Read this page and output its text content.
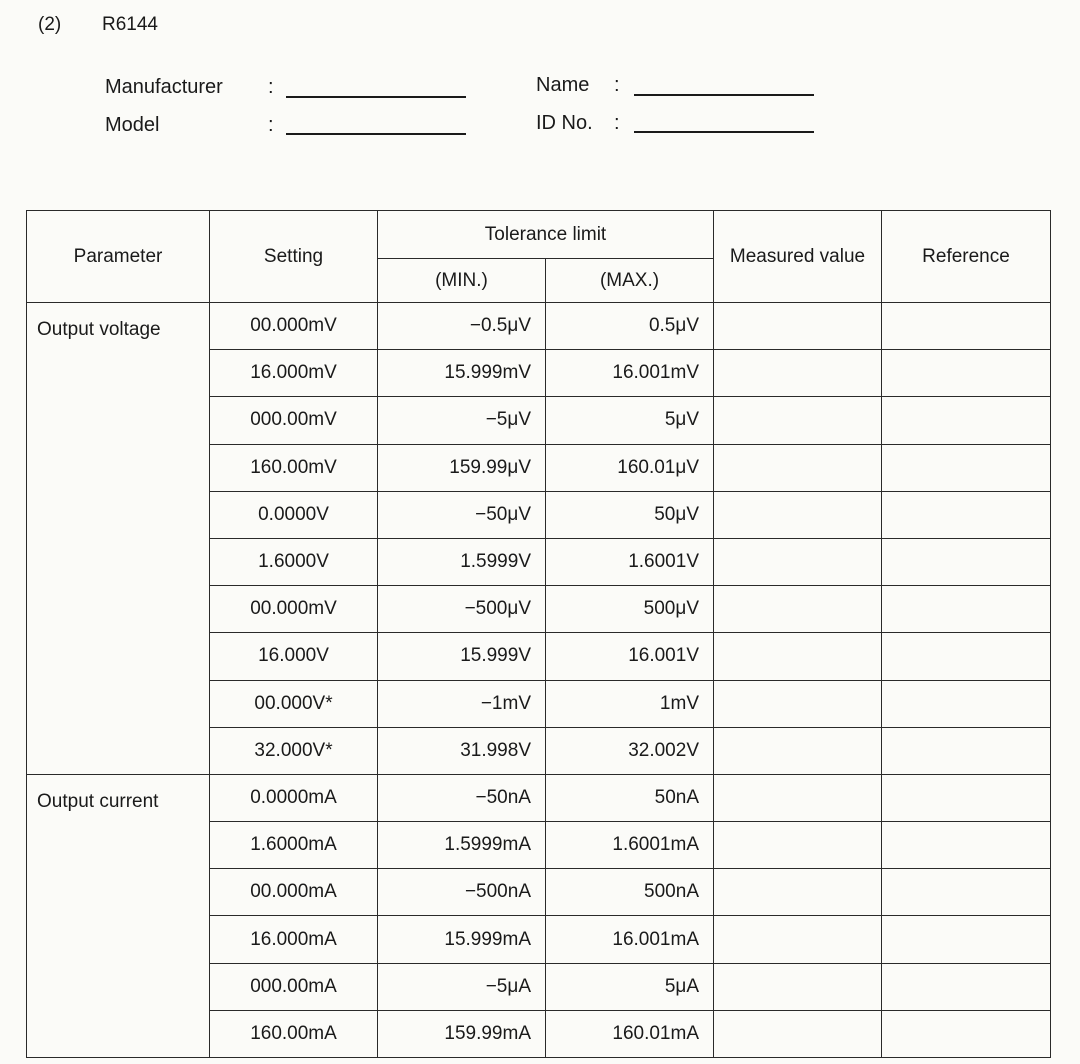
(2) R6144
Manufacturer :
Model	:
Name :
ID No. :
Parameter	Setting	Tolerance limit		Measured value	Reference
		(MIN.)	(MAX.)		
Output voltage	00.000mV	−0.5μV	0.5μV		
	16.000mV	15.999mV	16.001mV		
	000.00mV	−5μV	5μV		
	160.00mV	159.99μV	160.01μV		
	0.0000V	−50μV	50μV		
	1.6000V	1.5999V	1.6001V		
	00.000mV	−500μV	500μV		
	16.000V	15.999V	16.001V		
	00.000V*	−1mV	1mV		
	32.000V*	31.998V	32.002V		
Output current	0.0000mA	−50nA	50nA		
	1.6000mA	1.5999mA	1.6001mA		
	00.000mA	−500nA	500nA		
	16.000mA	15.999mA	16.001mA		
	000.00mA	−5μA	5μA		
	160.00mA	159.99mA	160.01mA		
